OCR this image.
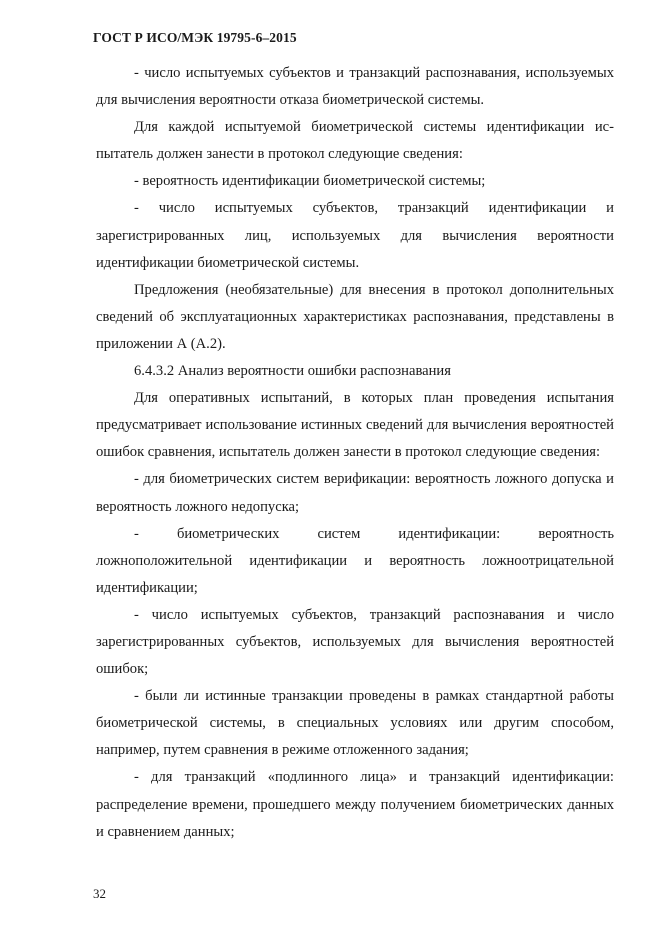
ГОСТ Р ИСО/МЭК 19795-6–2015

- число испытуемых субъектов и транзакций распознавания, используемых для вычисления вероятности отказа биометрической системы.

Для каждой испытуемой биометрической системы идентификации испытатель должен занести в протокол следующие сведения:

- вероятность идентификации биометрической системы;

- число испытуемых субъектов, транзакций идентификации и зарегистрированных лиц, используемых для вычисления вероятности идентификации биометрической системы.

Предложения (необязательные) для внесения в протокол дополнительных сведений об эксплуатационных характеристиках распознавания, представлены в приложении А (А.2).

6.4.3.2 Анализ вероятности ошибки распознавания

Для оперативных испытаний, в которых план проведения испытания предусматривает использование истинных сведений для вычисления вероятностей ошибок сравнения, испытатель должен занести в протокол следующие сведения:

- для биометрических систем верификации: вероятность ложного допуска и вероятность ложного недопуска;

- биометрических систем идентификации: вероятность ложноположительной идентификации и вероятность ложноотрицательной идентификации;

- число испытуемых субъектов, транзакций распознавания и число зарегистрированных субъектов, используемых для вычисления вероятностей ошибок;

- были ли истинные транзакции проведены в рамках стандартной работы биометрической системы, в специальных условиях или другим способом, например, путем сравнения в режиме отложенного задания;

- для транзакций «подлинного лица» и транзакций идентификации: распределение времени, прошедшего между получением биометрических данных и сравнением данных;

32
